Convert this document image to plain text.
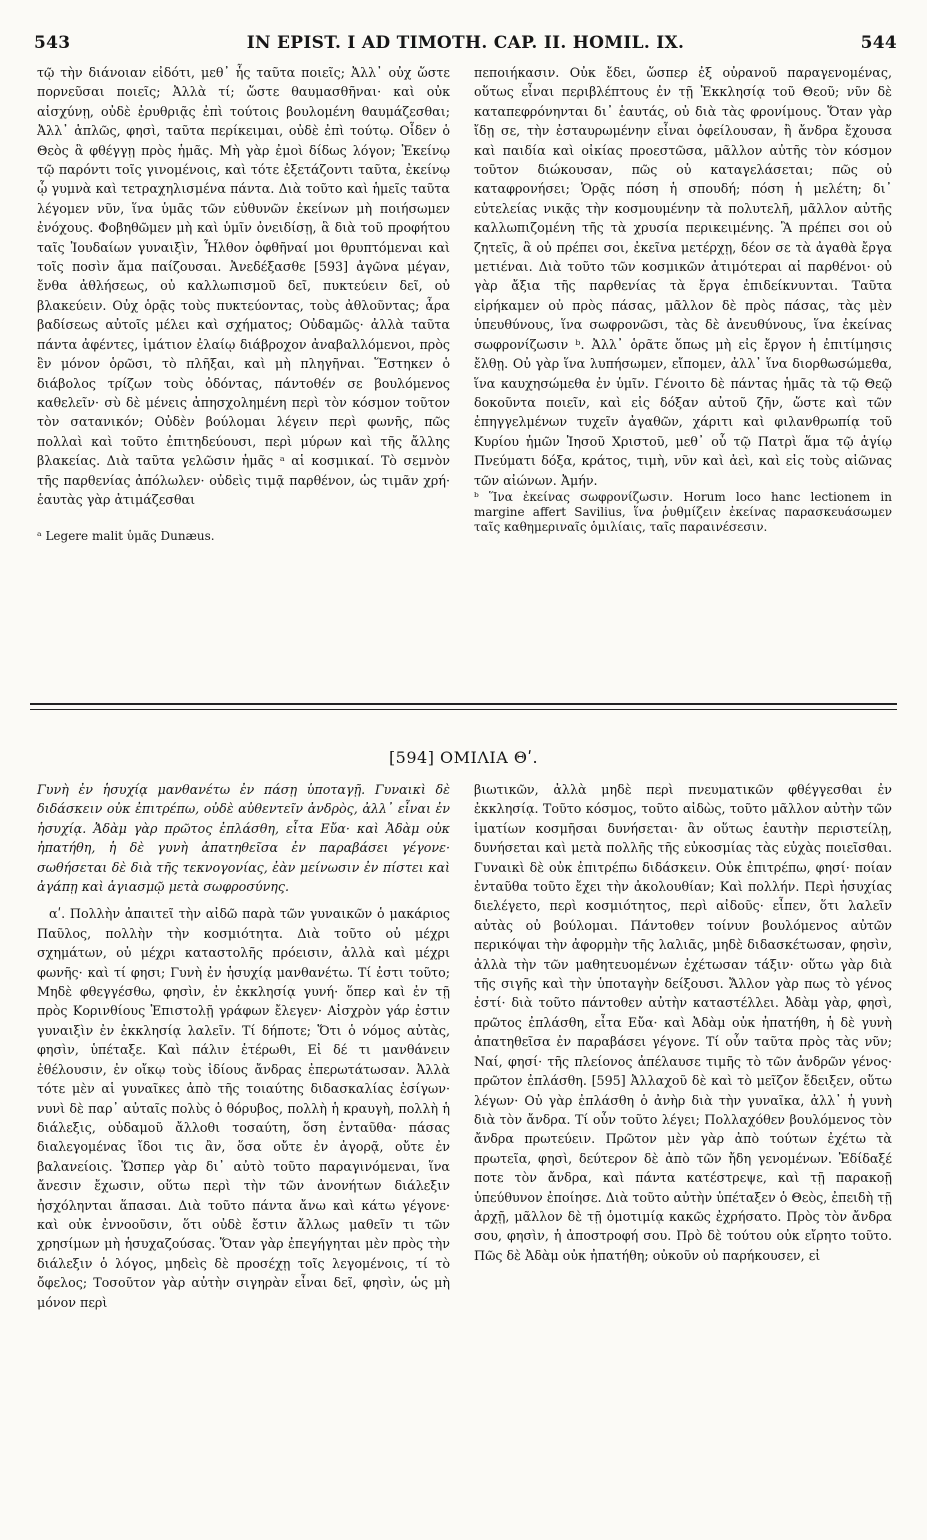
543	IN EPIST. I AD TIMOTH. CAP. II. HOMIL. IX.	544

τῷ τὴν διάνοιαν εἰδότι, μεθ᾽ ἧς ταῦτα ποιεῖς; Ἀλλ᾽ οὐχ ὥστε πορνεῦσαι ποιεῖς; Ἀλλὰ τί; ὥστε θαυμασθῆναι· καὶ οὐκ αἰσχύνῃ, οὐδὲ ἐρυθριᾷς ἐπὶ τούτοις βουλομένη θαυμάζεσθαι; Ἀλλ᾽ ἁπλῶς, φησὶ, ταῦτα περίκειμαι, οὐδὲ ἐπὶ τούτῳ. Οἶδεν ὁ Θεὸς ἃ φθέγγῃ πρὸς ἡμᾶς. Μὴ γὰρ ἐμοὶ δίδως λόγον; Ἐκείνῳ τῷ παρόντι τοῖς γινομένοις, καὶ τότε ἐξετάζοντι ταῦτα, ἐκείνῳ ᾧ γυμνὰ καὶ τετραχηλισμένα πάντα. Διὰ τοῦτο καὶ ἡμεῖς ταῦτα λέγομεν νῦν, ἵνα ὑμᾶς τῶν εὐθυνῶν ἐκείνων μὴ ποιήσωμεν ἐνόχους. Φοβηθῶμεν μὴ καὶ ὑμῖν ὀνειδίσῃ, ἃ διὰ τοῦ προφήτου ταῖς Ἰουδαίων γυναιξὶν, Ἦλθον ὀφθῆναί μοι θρυπτόμεναι καὶ τοῖς ποσὶν ἅμα παίζουσαι. Ἀνεδέξασθε [593] ἀγῶνα μέγαν, ἔνθα ἀθλήσεως, οὐ καλλωπισμοῦ δεῖ, πυκτεύειν δεῖ, οὐ βλακεύειν. Οὐχ ὁρᾷς τοὺς πυκτεύοντας, τοὺς ἀθλοῦντας; ἆρα βαδίσεως αὐτοῖς μέλει καὶ σχήματος; Οὐδαμῶς· ἀλλὰ ταῦτα πάντα ἀφέντες, ἱμάτιον ἐλαίῳ διάβροχον ἀναβαλλόμενοι, πρὸς ἓν μόνον ὁρῶσι, τὸ πλῆξαι, καὶ μὴ πληγῆναι. Ἕστηκεν ὁ διάβολος τρίζων τοὺς ὀδόντας, πάντοθέν σε βουλόμενος καθελεῖν· σὺ δὲ μένεις ἀπησχολημένη περὶ τὸν κόσμον τοῦτον τὸν σατανικόν; Οὐδὲν βούλομαι λέγειν περὶ φωνῆς, πῶς πολλαὶ καὶ τοῦτο ἐπιτηδεύουσι, περὶ μύρων καὶ τῆς ἄλλης βλακείας. Διὰ ταῦτα γελῶσιν ἡμᾶς ᵃ αἱ κοσμικαί. Τὸ σεμνὸν τῆς παρθενίας ἀπόλωλεν· οὐδεὶς τιμᾷ παρθένον, ὡς τιμᾶν χρή· ἑαυτὰς γὰρ ἀτιμάζεσθαι

ᵃ Legere malit ὑμᾶς Dunæus.

πεποιήκασιν. Οὐκ ἔδει, ὥσπερ ἐξ οὐρανοῦ παραγενομένας, οὕτως εἶναι περιβλέπτους ἐν τῇ Ἐκκλησίᾳ τοῦ Θεοῦ; νῦν δὲ καταπεφρόνηνται δι᾽ ἑαυτάς, οὐ διὰ τὰς φρονίμους. Ὅταν γὰρ ἴδῃ σε, τὴν ἐσταυρωμένην εἶναι ὀφείλουσαν, ἢ ἄνδρα ἔχουσα καὶ παιδία καὶ οἰκίας προεστῶσα, μᾶλλον αὐτῆς τὸν κόσμον τοῦτον διώκουσαν, πῶς οὐ καταγελάσεται; πῶς οὐ καταφρονήσει; Ὁρᾷς πόση ἡ σπουδή; πόση ἡ μελέτη; δι᾽ εὐτελείας νικᾷς τὴν κοσμουμένην τὰ πολυτελῆ, μᾶλλον αὐτῆς καλλωπιζομένη τῆς τὰ χρυσία περικειμένης. Ἃ πρέπει σοι οὐ ζητεῖς, ἃ οὐ πρέπει σοι, ἐκεῖνα μετέρχῃ, δέον σε τὰ ἀγαθὰ ἔργα μετιέναι. Διὰ τοῦτο τῶν κοσμικῶν ἀτιμότεραι αἱ παρθένοι· οὐ γὰρ ἄξια τῆς παρθενίας τὰ ἔργα ἐπιδείκνυνται. Ταῦτα εἰρήκαμεν οὐ πρὸς πάσας, μᾶλλον δὲ πρὸς πάσας, τὰς μὲν ὑπευθύνους, ἵνα σωφρονῶσι, τὰς δὲ ἀνευθύνους, ἵνα ἐκείνας σωφρονίζωσιν ᵇ. Ἀλλ᾽ ὁρᾶτε ὅπως μὴ εἰς ἔργον ἡ ἐπιτίμησις ἔλθῃ. Οὐ γὰρ ἵνα λυπήσωμεν, εἴπομεν, ἀλλ᾽ ἵνα διορθωσώμεθα, ἵνα καυχησώμεθα ἐν ὑμῖν. Γένοιτο δὲ πάντας ἡμᾶς τὰ τῷ Θεῷ δοκοῦντα ποιεῖν, καὶ εἰς δόξαν αὐτοῦ ζῆν, ὥστε καὶ τῶν ἐπηγγελμένων τυχεῖν ἀγαθῶν, χάριτι καὶ φιλανθρωπίᾳ τοῦ Κυρίου ἡμῶν Ἰησοῦ Χριστοῦ, μεθ᾽ οὗ τῷ Πατρὶ ἅμα τῷ ἁγίῳ Πνεύματι δόξα, κράτος, τιμὴ, νῦν καὶ ἀεὶ, καὶ εἰς τοὺς αἰῶνας τῶν αἰώνων. Ἀμήν.

ᵇ Ἵνα ἐκείνας σωφρονίζωσιν. Horum loco hanc lectionem in margine affert Savilius, ἵνα ῥυθμίζειν ἐκείνας παρασκευάσωμεν ταῖς καθημεριναῖς ὁμιλίαις, ταῖς παραινέσεσιν.

[594] ΟΜΙΛΙΑ Θʹ.

Γυνὴ ἐν ἡσυχίᾳ μανθανέτω ἐν πάσῃ ὑποταγῇ. Γυναικὶ δὲ διδάσκειν οὐκ ἐπιτρέπω, οὐδὲ αὐθεντεῖν ἀνδρὸς, ἀλλ᾽ εἶναι ἐν ἡσυχίᾳ. Ἀδὰμ γὰρ πρῶτος ἐπλάσθη, εἶτα Εὔα· καὶ Ἀδὰμ οὐκ ἠπατήθη, ἡ δὲ γυνὴ ἀπατηθεῖσα ἐν παραβάσει γέγονε· σωθήσεται δὲ διὰ τῆς τεκνογονίας, ἐὰν μείνωσιν ἐν πίστει καὶ ἀγάπῃ καὶ ἁγιασμῷ μετὰ σωφροσύνης.

αʹ. Πολλὴν ἀπαιτεῖ τὴν αἰδῶ παρὰ τῶν γυναικῶν ὁ μακάριος Παῦλος, πολλὴν τὴν κοσμιότητα. Διὰ τοῦτο οὐ μέχρι σχημάτων, οὐ μέχρι καταστολῆς πρόεισιν, ἀλλὰ καὶ μέχρι φωνῆς· καὶ τί φησι; Γυνὴ ἐν ἡσυχίᾳ μανθανέτω. Τί ἐστι τοῦτο; Μηδὲ φθεγγέσθω, φησὶν, ἐν ἐκκλησίᾳ γυνή· ὅπερ καὶ ἐν τῇ πρὸς Κορινθίους Ἐπιστολῇ γράφων ἔλεγεν· Αἰσχρὸν γάρ ἐστιν γυναιξὶν ἐν ἐκκλησίᾳ λαλεῖν. Τί δήποτε; Ὅτι ὁ νόμος αὐτὰς, φησὶν, ὑπέταξε. Καὶ πάλιν ἑτέρωθι, Εἰ δέ τι μανθάνειν ἐθέλουσιν, ἐν οἴκῳ τοὺς ἰδίους ἄνδρας ἐπερωτάτωσαν. Ἀλλὰ τότε μὲν αἱ γυναῖκες ἀπὸ τῆς τοιαύτης διδασκαλίας ἐσίγων· νυνὶ δὲ παρ᾽ αὐταῖς πολὺς ὁ θόρυβος, πολλὴ ἡ κραυγὴ, πολλὴ ἡ διάλεξις, οὐδαμοῦ ἄλλοθι τοσαύτη, ὅση ἐνταῦθα· πάσας διαλεγομένας ἴδοι τις ἂν, ὅσα οὔτε ἐν ἀγορᾷ, οὔτε ἐν βαλανείοις. Ὥσπερ γὰρ δι᾽ αὐτὸ τοῦτο παραγινόμεναι, ἵνα ἄνεσιν ἔχωσιν, οὕτω περὶ τὴν τῶν ἀνονήτων διάλεξιν ἠσχόληνται ἅπασαι. Διὰ τοῦτο πάντα ἄνω καὶ κάτω γέγονε· καὶ οὐκ ἐννοοῦσιν, ὅτι οὐδὲ ἔστιν ἄλλως μαθεῖν τι τῶν χρησίμων μὴ ἡσυχαζούσας. Ὅταν γὰρ ἐπεγήγηται μὲν πρὸς τὴν διάλεξιν ὁ λόγος, μηδεὶς δὲ προσέχῃ τοῖς λεγομένοις, τί τὸ ὄφελος; Τοσοῦτον γὰρ αὐτὴν σιγηρὰν εἶναι δεῖ, φησὶν, ὡς μὴ μόνον περὶ

βιωτικῶν, ἀλλὰ μηδὲ περὶ πνευματικῶν φθέγγεσθαι ἐν ἐκκλησίᾳ. Τοῦτο κόσμος, τοῦτο αἰδὼς, τοῦτο μᾶλλον αὐτὴν τῶν ἱματίων κοσμῆσαι δυνήσεται· ἂν οὕτως ἑαυτὴν περιστείλῃ, δυνήσεται καὶ μετὰ πολλῆς τῆς εὐκοσμίας τὰς εὐχὰς ποιεῖσθαι. Γυναικὶ δὲ οὐκ ἐπιτρέπω διδάσκειν. Οὐκ ἐπιτρέπω, φησί· ποίαν ἐνταῦθα τοῦτο ἔχει τὴν ἀκολουθίαν; Καὶ πολλήν. Περὶ ἡσυχίας διελέγετο, περὶ κοσμιότητος, περὶ αἰδοῦς· εἶπεν, ὅτι λαλεῖν αὐτὰς οὐ βούλομαι. Πάντοθεν τοίνυν βουλόμενος αὐτῶν περικόψαι τὴν ἀφορμὴν τῆς λαλιᾶς, μηδὲ διδασκέτωσαν, φησὶν, ἀλλὰ τὴν τῶν μαθητευομένων ἐχέτωσαν τάξιν· οὕτω γὰρ διὰ τῆς σιγῆς καὶ τὴν ὑποταγὴν δείξουσι. Ἄλλον γὰρ πως τὸ γένος ἐστί· διὰ τοῦτο πάντοθεν αὐτὴν καταστέλλει. Ἀδὰμ γὰρ, φησὶ, πρῶτος ἐπλάσθη, εἶτα Εὔα· καὶ Ἀδὰμ οὐκ ἠπατήθη, ἡ δὲ γυνὴ ἀπατηθεῖσα ἐν παραβάσει γέγονε. Τί οὖν ταῦτα πρὸς τὰς νῦν; Ναί, φησί· τῆς πλείονος ἀπέλαυσε τιμῆς τὸ τῶν ἀνδρῶν γένος· πρῶτον ἐπλάσθη. [595] Ἀλλαχοῦ δὲ καὶ τὸ μεῖζον ἔδειξεν, οὕτω λέγων· Οὐ γὰρ ἐπλάσθη ὁ ἀνὴρ διὰ τὴν γυναῖκα, ἀλλ᾽ ἡ γυνὴ διὰ τὸν ἄνδρα. Τί οὖν τοῦτο λέγει; Πολλαχόθεν βουλόμενος τὸν ἄνδρα πρωτεύειν. Πρῶτον μὲν γὰρ ἀπὸ τούτων ἐχέτω τὰ πρωτεῖα, φησὶ, δεύτερον δὲ ἀπὸ τῶν ἤδη γενομένων. Ἐδίδαξέ ποτε τὸν ἄνδρα, καὶ πάντα κατέστρεψε, καὶ τῇ παρακοῇ ὑπεύθυνον ἐποίησε. Διὰ τοῦτο αὐτὴν ὑπέταξεν ὁ Θεὸς, ἐπειδὴ τῇ ἀρχῇ, μᾶλλον δὲ τῇ ὁμοτιμίᾳ κακῶς ἐχρήσατο. Πρὸς τὸν ἄνδρα σου, φησὶν, ἡ ἀποστροφή σου. Πρὸ δὲ τούτου οὐκ εἴρητο τοῦτο. Πῶς δὲ Ἀδὰμ οὐκ ἠπατήθη; οὐκοῦν οὐ παρήκουσεν, εἰ
